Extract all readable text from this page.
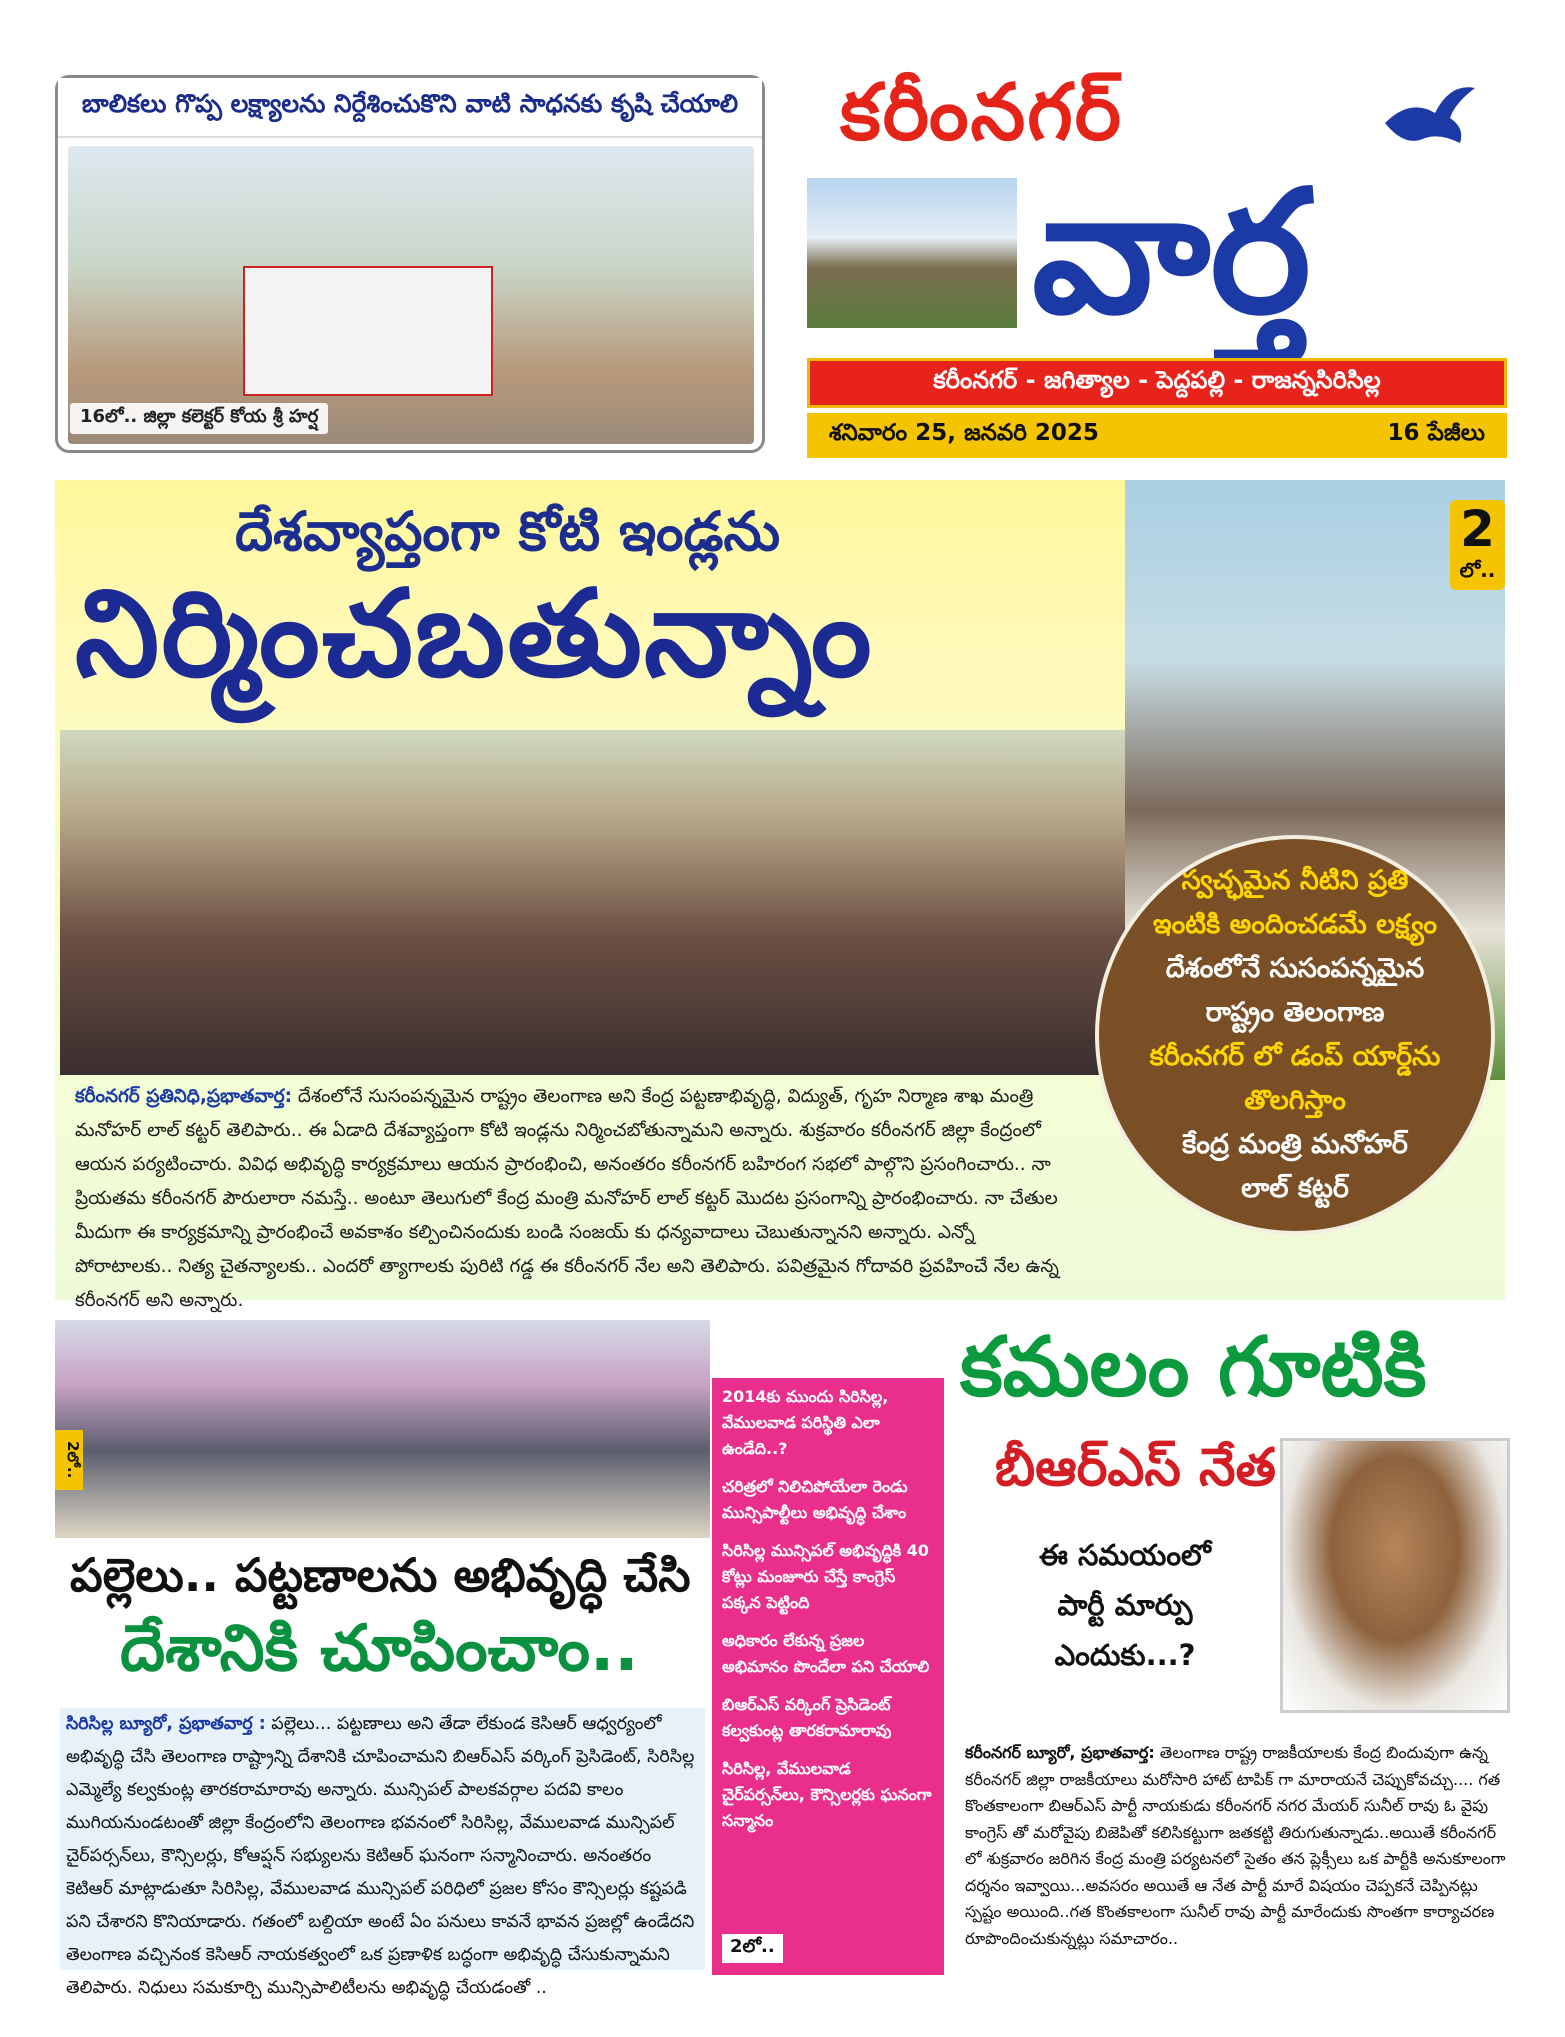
బాలికలు గొప్ప లక్ష్యాలను నిర్దేశించుకొని వాటి సాధనకు కృషి చేయాలి
16లో.. జిల్లా కలెక్టర్ కోయ శ్రీ హర్ష
కరీంనగర్
వార్త
కరీంనగర్ - జగిత్యాల - పెద్దపల్లి - రాజన్నసిరిసిల్ల
శనివారం 25, జనవరి 2025	16 పేజీలు
దేశవ్యాప్తంగా కోటి ఇండ్లను
నిర్మించబతున్నాం
2
లో..
కరీంనగర్ ప్రతినిధి,ప్రభాతవార్త: దేశంలోనే సుసంపన్నమైన రాష్ట్రం తెలంగాణ అని కేంద్ర పట్టణాభివృద్ధి, విద్యుత్, గృహ నిర్మాణ శాఖ మంత్రి మనోహర్ లాల్ కట్టర్ తెలిపారు.. ఈ ఏడాది దేశవ్యాప్తంగా కోటి ఇండ్లను నిర్మించబోతున్నామని అన్నారు. శుక్రవారం కరీంనగర్ జిల్లా కేంద్రంలో ఆయన పర్యటించారు. వివిధ అభివృద్ధి కార్యక్రమాలు ఆయన ప్రారంభించి, అనంతరం కరీంనగర్ బహిరంగ సభలో పాల్గొని ప్రసంగించారు.. నా ప్రియతమ కరీంనగర్ పౌరులారా నమస్తే.. అంటూ తెలుగులో కేంద్ర మంత్రి మనోహర్ లాల్ కట్టర్ మొదట ప్రసంగాన్ని ప్రారంభించారు. నా చేతుల మీదుగా ఈ కార్యక్రమాన్ని ప్రారంభించే అవకాశం కల్పించినందుకు బండి సంజయ్ కు ధన్యవాదాలు చెబుతున్నానని అన్నారు. ఎన్నో పోరాటాలకు.. నిత్య చైతన్యాలకు.. ఎందరో త్యాగాలకు పురిటి గడ్డ ఈ కరీంనగర్ నేల అని తెలిపారు. పవిత్రమైన గోదావరి ప్రవహించే నేల ఉన్న కరీంనగర్ అని అన్నారు.
స్వచ్ఛమైన నీటిని ప్రతి
ఇంటికి అందించడమే లక్ష్యం
దేశంలోనే సుసంపన్నమైన
రాష్ట్రం తెలంగాణ
కరీంనగర్ లో డంప్ యార్డ్‌ను
తొలగిస్తాం
కేంద్ర మంత్రి మనోహర్
లాల్ కట్టర్
2లో..
పల్లెలు.. పట్టణాలను అభివృద్ధి చేసి
దేశానికి చూపించాం..
సిరిసిల్ల బ్యూరో, ప్రభాతవార్త : పల్లెలు... పట్టణాలు అని తేడా లేకుండ కెసిఆర్ ఆధ్వర్యంలో అభివృద్ధి చేసి తెలంగాణ రాష్ట్రాన్ని దేశానికి చూపించామని బిఆర్ఎస్ వర్కింగ్ ప్రెసిడెంట్, సిరిసిల్ల ఎమ్మెల్యే కల్వకుంట్ల తారకరామారావు అన్నారు. మున్సిపల్ పాలకవర్గాల పదవి కాలం ముగియనుండటంతో జిల్లా కేంద్రంలోని తెలంగాణ భవనంలో సిరిసిల్ల, వేములవాడ మున్సిపల్ చైర్‌పర్సన్‌లు, కౌన్సిలర్లు, కోఆప్షన్ సభ్యులను కెటిఆర్ ఘనంగా సన్మానించారు. అనంతరం కెటిఆర్ మాట్లాడుతూ సిరిసిల్ల, వేములవాడ మున్సిపల్ పరిధిలో ప్రజల కోసం కౌన్సిలర్లు కష్టపడి పని చేశారని కొనియాడారు. గతంలో బల్దియా అంటే ఏం పనులు కావనే భావన ప్రజల్లో ఉండేదని తెలంగాణ వచ్చినంక కెసిఆర్ నాయకత్వంలో ఒక ప్రణాళిక బద్ధంగా అభివృద్ధి చేసుకున్నామని తెలిపారు. నిధులు సమకూర్చి మున్సిపాలిటీలను అభివృద్ధి చేయడంతో ..
2014కు ముందు సిరిసిల్ల, వేములవాడ పరిస్థితి ఎలా ఉండేది..?
చరిత్రలో నిలిచిపోయేలా రెండు మున్సిపాల్టీలు అభివృద్ధి చేశాం
సిరిసిల్ల మున్సిపల్ అభివృద్ధికి 40 కోట్లు మంజూరు చేస్తే కాంగ్రెస్ పక్కన పెట్టింది
అధికారం లేకున్న ప్రజల అభిమానం పొందేలా పని చేయాలి
బిఆర్ఎస్ వర్కింగ్ ప్రెసిడెంట్ కల్వకుంట్ల తారకరామారావు
సిరిసిల్ల, వేములవాడ చైర్‌పర్సన్‌లు, కౌన్సిలర్లకు ఘనంగా సన్మానం
2లో..
కమలం గూటికి
బీఆర్ఎస్ నేత
ఈ సమయంలో
పార్టీ మార్పు
ఎందుకు...?
కరీంనగర్ బ్యూరో, ప్రభాతవార్త: తెలంగాణ రాష్ట్ర రాజకీయాలకు కేంద్ర బిందువుగా ఉన్న కరీంనగర్ జిల్లా రాజకీయాలు మరోసారి హాట్ టాపిక్ గా మారాయనే చెప్పుకోవచ్చు.... గత కొంతకాలంగా బిఆర్ఎస్ పార్టీ నాయకుడు కరీంనగర్ నగర మేయర్ సునీల్ రావు ఓ వైపు కాంగ్రెస్ తో మరోవైపు బిజెపితో కలిసికట్టుగా జతకట్టి తిరుగుతున్నాడు..అయితే కరీంనగర్ లో శుక్రవారం జరిగిన కేంద్ర మంత్రి పర్యటనలో సైతం తన ప్లెక్సీలు ఒక పార్టీకి అనుకూలంగా దర్శనం ఇవ్వాయి...అవసరం అయితే ఆ నేత పార్టీ మారే విషయం చెప్పకనే చెప్పినట్లు స్పష్టం అయింది..గత కొంతకాలంగా సునీల్ రావు పార్టీ మారేందుకు సొంతగా కార్యాచరణ రూపొందించుకున్నట్లు సమాచారం..
